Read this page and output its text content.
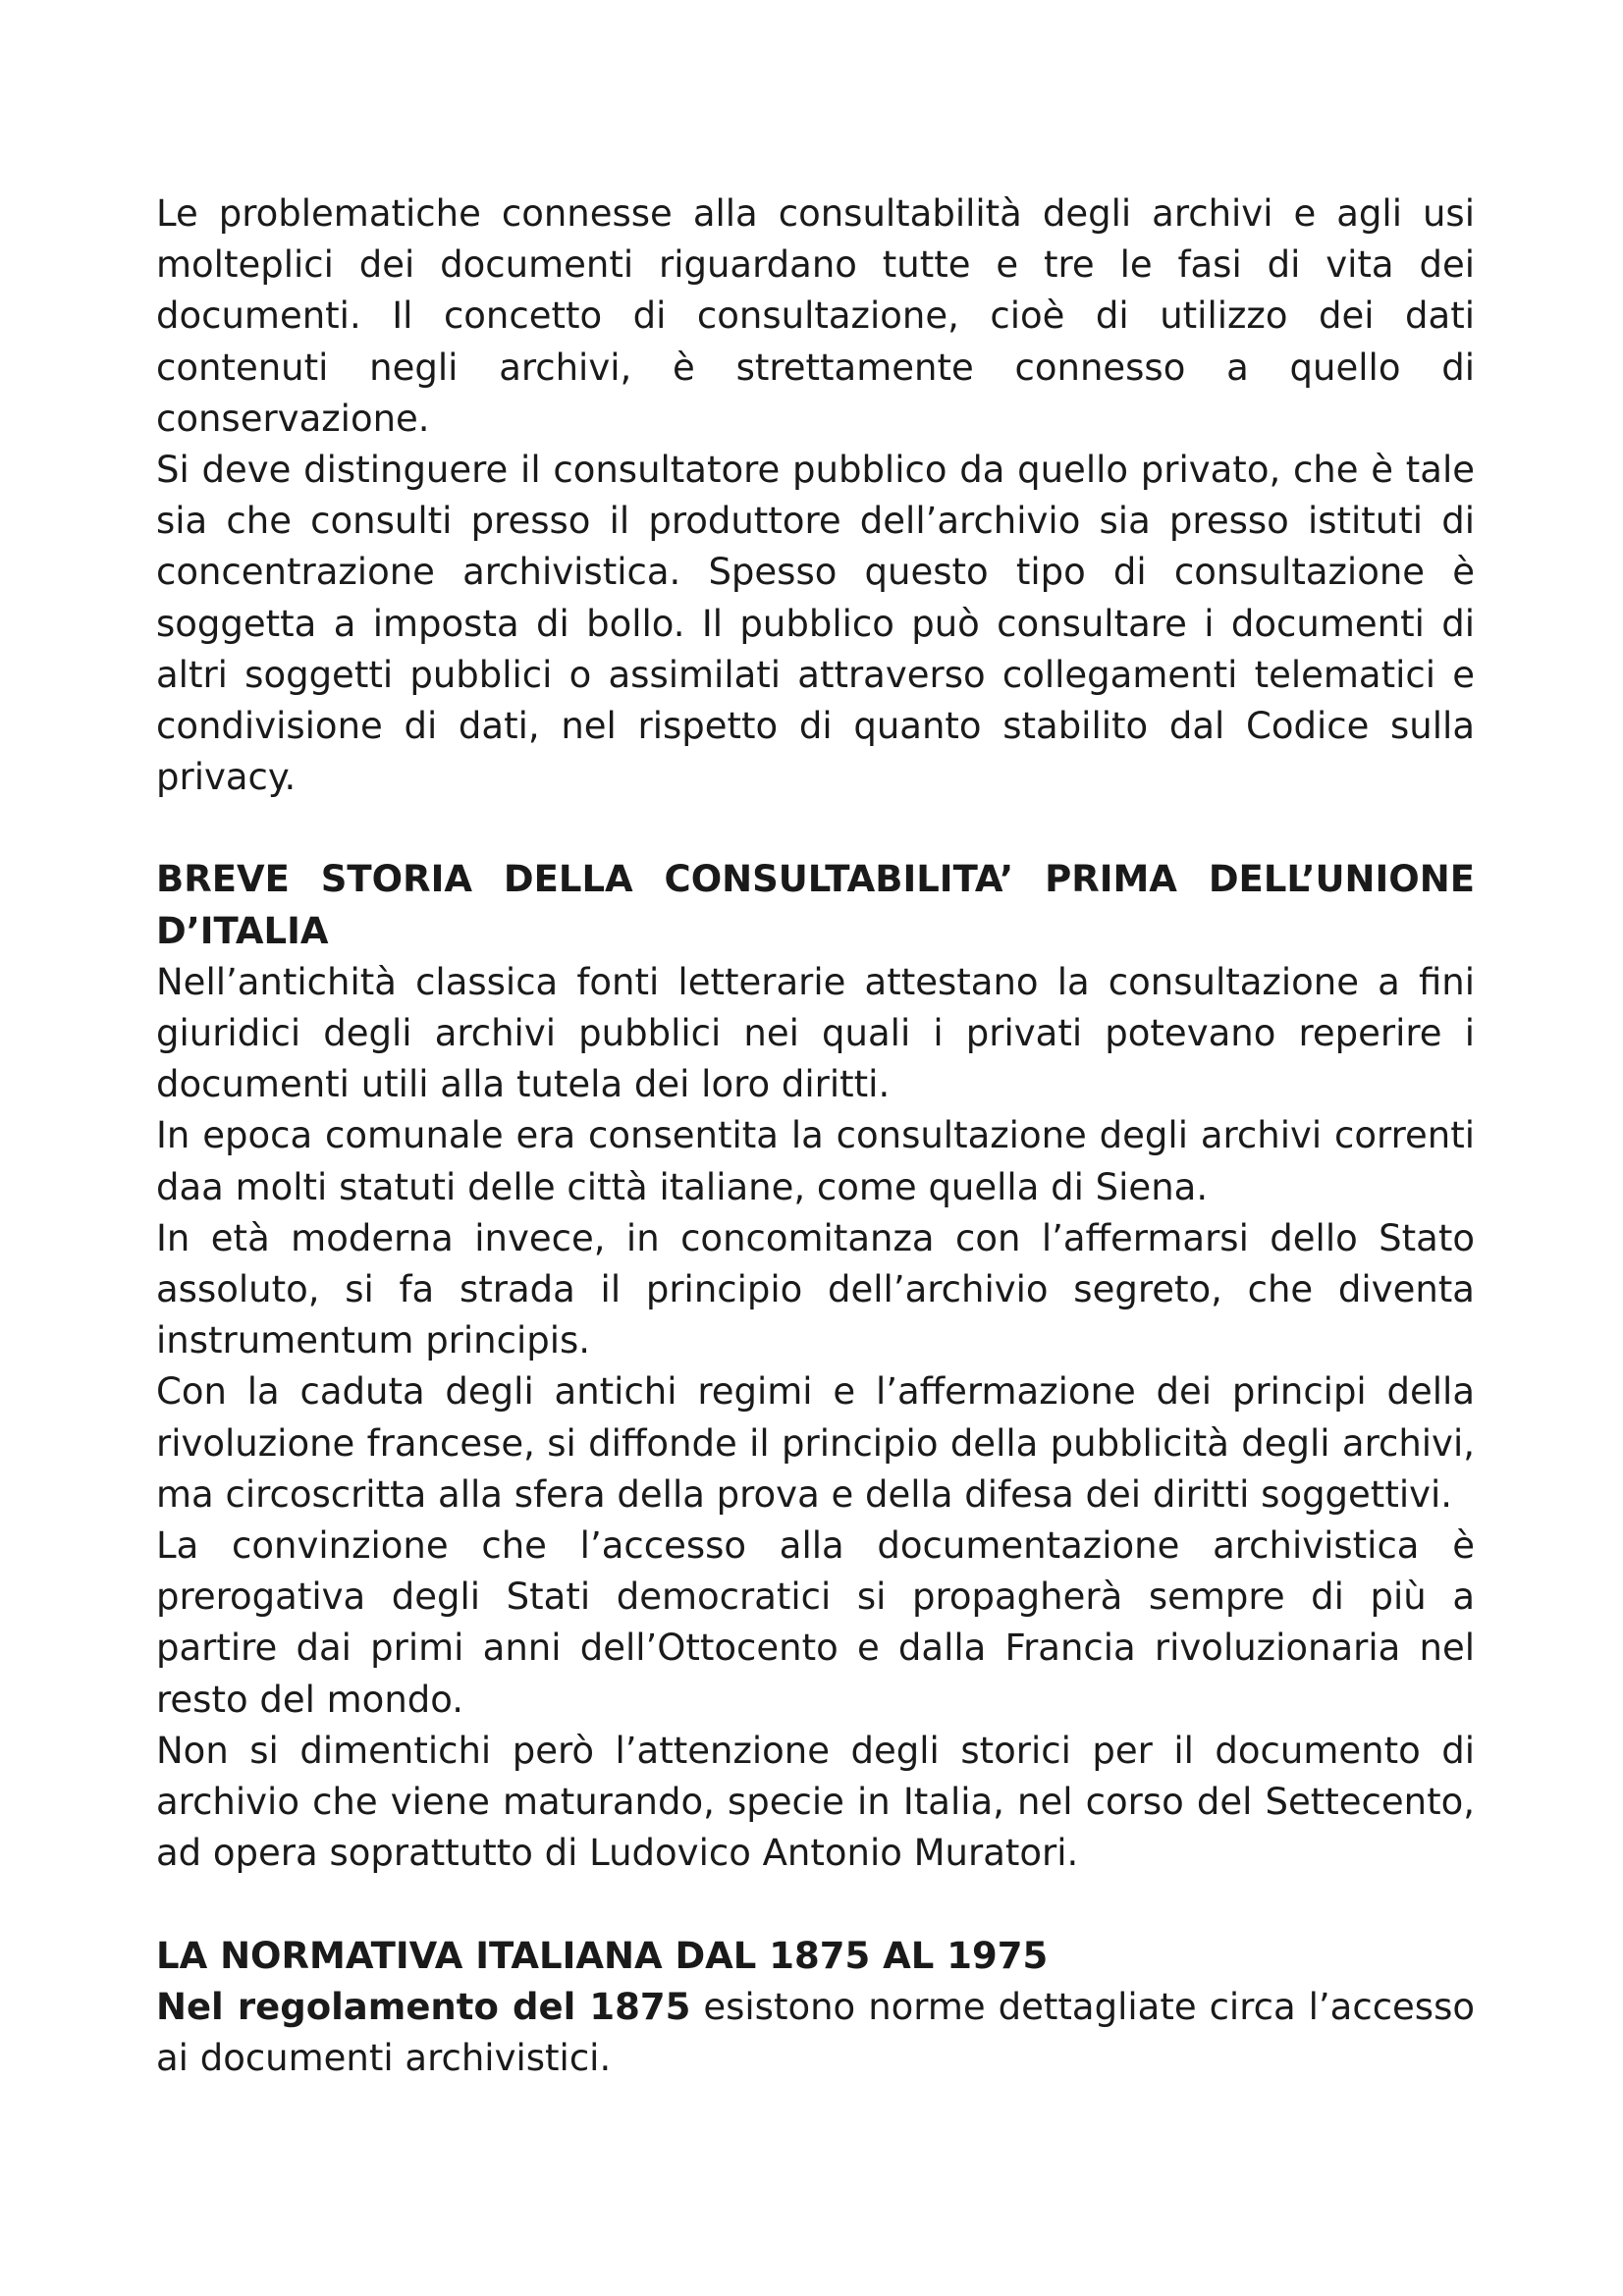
Le problematiche connesse alla consultabilità degli archivi e agli usi molteplici dei documenti riguardano tutte e tre le fasi di vita dei documenti. Il concetto di consultazione, cioè di utilizzo dei dati contenuti negli archivi, è strettamente connesso a quello di conservazione.

Si deve distinguere il consultatore pubblico da quello privato, che è tale sia che consulti presso il produttore dell’archivio sia presso istituti di concentrazione archivistica. Spesso questo tipo di consultazione è soggetta a imposta di bollo. Il pubblico può consultare i documenti di altri soggetti pubblici o assimilati attraverso collegamenti telematici e condivisione di dati, nel rispetto di quanto stabilito dal Codice sulla privacy.

BREVE STORIA DELLA CONSULTABILITA’ PRIMA DELL’UNIONE D’ITALIA

Nell’antichità classica fonti letterarie attestano la consultazione a fini giuridici degli archivi pubblici nei quali i privati potevano reperire i documenti utili alla tutela dei loro diritti.

In epoca comunale era consentita la consultazione degli archivi correnti daa molti statuti delle città italiane, come quella di Siena.

In età moderna invece, in concomitanza con l’affermarsi dello Stato assoluto, si fa strada il principio dell’archivio segreto, che diventa instrumentum principis.

Con la caduta degli antichi regimi e l’affermazione dei principi della rivoluzione francese, si diffonde il principio della pubblicità degli archivi, ma circoscritta alla sfera della prova e della difesa dei diritti soggettivi.

La convinzione che l’accesso alla documentazione archivistica è prerogativa degli Stati democratici si propagherà sempre di più a partire dai primi anni dell’Ottocento e dalla Francia rivoluzionaria nel resto del mondo.

Non si dimentichi però l’attenzione degli storici per il documento di archivio che viene maturando, specie in Italia, nel corso del Settecento, ad opera soprattutto di Ludovico Antonio Muratori.

LA NORMATIVA ITALIANA DAL 1875 AL 1975

Nel regolamento del 1875 esistono norme dettagliate circa l’accesso ai documenti archivistici.
